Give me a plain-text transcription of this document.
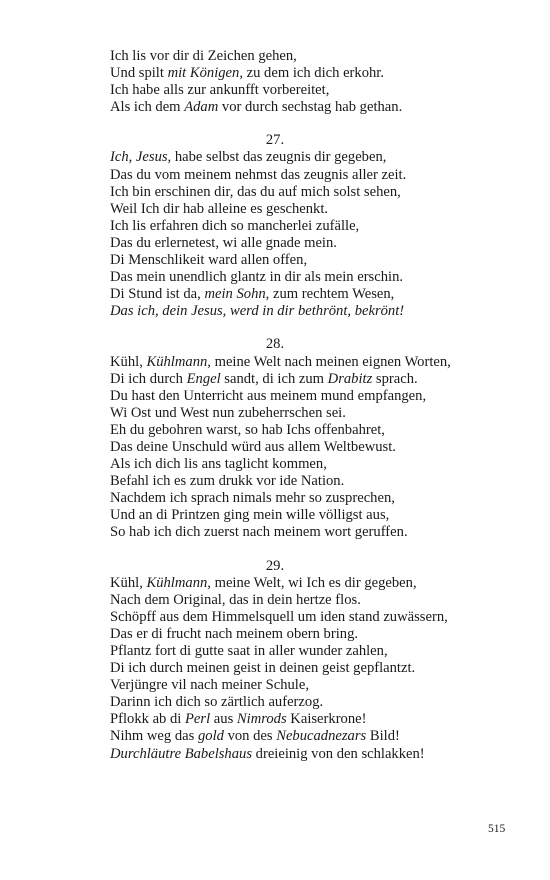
Ich lis vor dir di Zeichen gehen,
Und spilt mit Königen, zu dem ich dich erkohr.
Ich habe alls zur ankunfft vorbereitet,
Als ich dem Adam vor durch sechstag hab gethan.
27.
Ich, Jesus, habe selbst das zeugnis dir gegeben,
Das du vom meinem nehmst das zeugnis aller zeit.
Ich bin erschinen dir, das du auf mich solst sehen,
Weil Ich dir hab alleine es geschenkt.
Ich lis erfahren dich so mancherlei zufälle,
Das du erlernetest, wi alle gnade mein.
Di Menschlikeit ward allen offen,
Das mein unendlich glantz in dir als mein erschin.
Di Stund ist da, mein Sohn, zum rechtem Wesen,
Das ich, dein Jesus, werd in dir bethrönt, bekrönt!
28.
Kühl, Kühlmann, meine Welt nach meinen eignen Worten,
Di ich durch Engel sandt, di ich zum Drabitz sprach.
Du hast den Unterricht aus meinem mund empfangen,
Wi Ost und West nun zubeherrschen sei.
Eh du gebohren warst, so hab Ichs offenbahret,
Das deine Unschuld würd aus allem Weltbewust.
Als ich dich lis ans taglicht kommen,
Befahl ich es zum drukk vor ide Nation.
Nachdem ich sprach nimals mehr so zusprechen,
Und an di Printzen ging mein wille völligst aus,
So hab ich dich zuerst nach meinem wort geruffen.
29.
Kühl, Kühlmann, meine Welt, wi Ich es dir gegeben,
Nach dem Original, das in dein hertze flos.
Schöpff aus dem Himmelsquell um iden stand zuwässern,
Das er di frucht nach meinem obern bring.
Pflantz fort di gutte saat in aller wunder zahlen,
Di ich durch meinen geist in deinen geist gepflantzt.
Verjüngre vil nach meiner Schule,
Darinn ich dich so zärtlich auferzog.
Pflokk ab di Perl aus Nimrods Kaiserkrone!
Nihm weg das gold von des Nebucadnezars Bild!
Durchläutre Babelshaus dreieinig von den schlakken!
515
